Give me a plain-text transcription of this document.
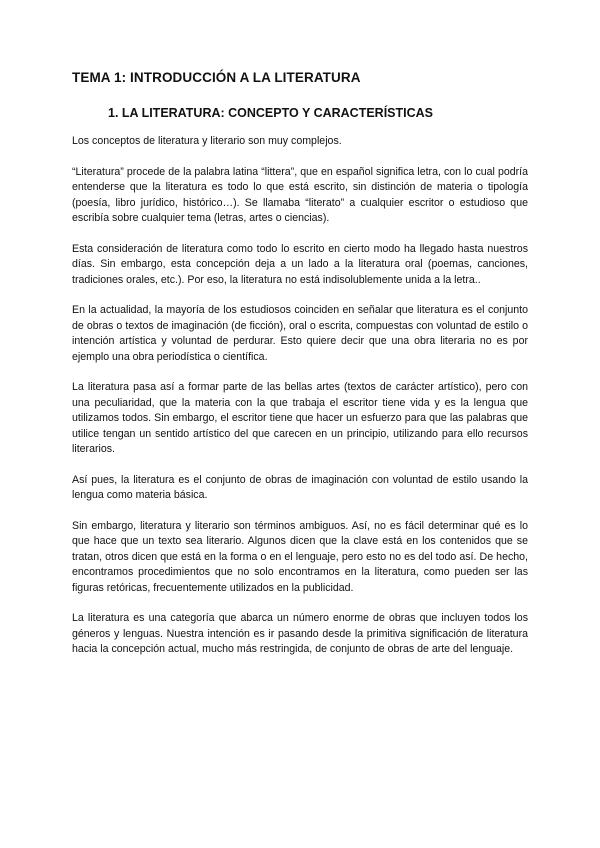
TEMA 1: INTRODUCCIÓN A LA LITERATURA
1. LA LITERATURA: CONCEPTO Y CARACTERÍSTICAS

Los conceptos de literatura y literario son muy complejos.

“Literatura” procede de la palabra latina “littera”, que en español significa letra, con lo cual podría entenderse que la literatura es todo lo que está escrito, sin distinción de materia o tipología (poesía, libro jurídico, histórico…). Se llamaba “literato” a cualquier escritor o estudioso que escribía sobre cualquier tema (letras, artes o ciencias).

Esta consideración de literatura como todo lo escrito en cierto modo ha llegado hasta nuestros días. Sin embargo, esta concepción deja a un lado a la literatura oral (poemas, canciones, tradiciones orales, etc.). Por eso, la literatura no está indisolublemente unida a la letra..

En la actualidad, la mayoría de los estudiosos coinciden en señalar que literatura es el conjunto de obras o textos de imaginación (de ficción), oral o escrita, compuestas con voluntad de estilo o intención artística y voluntad de perdurar. Esto quiere decir que una obra literaria no es por ejemplo una obra periodística o científica.

La literatura pasa así a formar parte de las bellas artes (textos de carácter artístico), pero con una peculiaridad, que la materia con la que trabaja el escritor tiene vida y es la lengua que utilizamos todos. Sin embargo, el escritor tiene que hacer un esfuerzo para que las palabras que utilice tengan un sentido artístico del que carecen en un principio, utilizando para ello recursos literarios.

Así pues, la literatura es el conjunto de obras de imaginación con voluntad de estilo usando la lengua como materia básica.

Sin embargo, literatura y literario son términos ambiguos. Así, no es fácil determinar qué es lo que hace que un texto sea literario. Algunos dicen que la clave está en los contenidos que se tratan, otros dicen que está en la forma o en el lenguaje, pero esto no es del todo así. De hecho, encontramos procedimientos que no solo encontramos en la literatura, como pueden ser las figuras retóricas, frecuentemente utilizados en la publicidad.

La literatura es una categoría que abarca un número enorme de obras que incluyen todos los géneros y lenguas. Nuestra intención es ir pasando desde la primitiva significación de literatura hacia la concepción actual, mucho más restringida, de conjunto de obras de arte del lenguaje.
